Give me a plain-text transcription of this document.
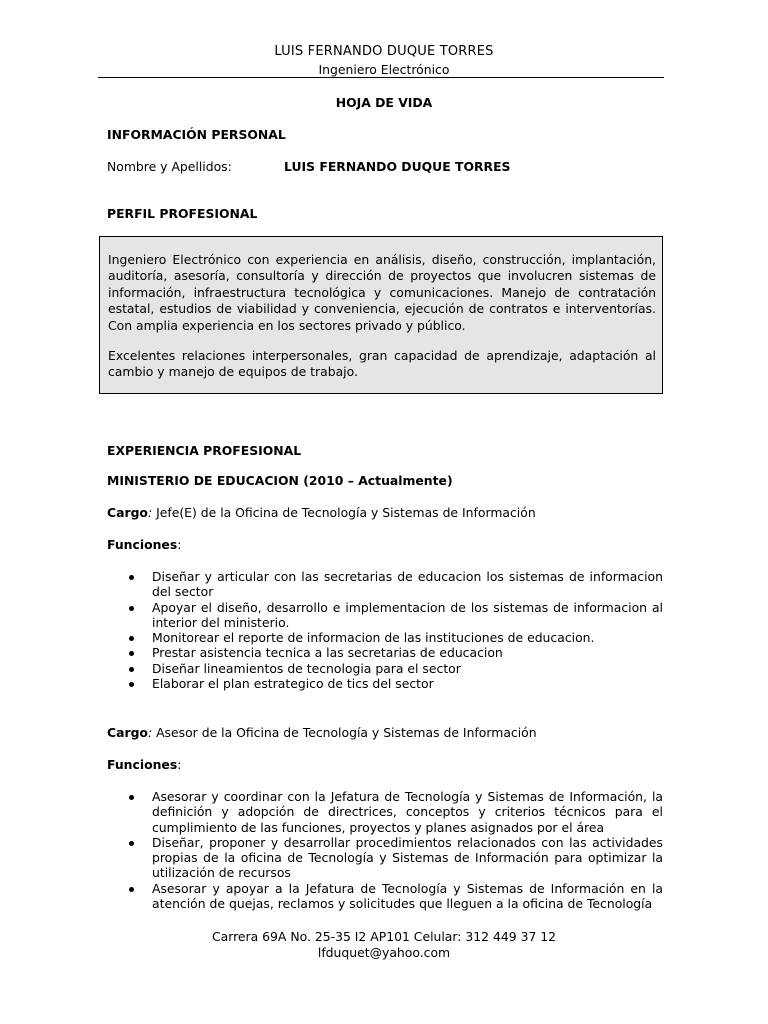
LUIS FERNANDO DUQUE TORRES
Ingeniero Electrónico
HOJA DE VIDA
INFORMACIÓN PERSONAL
Nombre y Apellidos:	LUIS FERNANDO DUQUE TORRES
PERFIL PROFESIONAL

Ingeniero Electrónico con experiencia en análisis, diseño, construcción, implantación, auditoría, asesoría, consultoría y dirección de proyectos que involucren sistemas de información, infraestructura tecnológica y comunicaciones. Manejo de contratación estatal, estudios de viabilidad y conveniencia, ejecución de contratos e interventorías. Con amplia experiencia en los sectores privado y público.

Excelentes relaciones interpersonales, gran capacidad de aprendizaje, adaptación al cambio y manejo de equipos de trabajo.

EXPERIENCIA PROFESIONAL
MINISTERIO DE EDUCACION (2010 – Actualmente)
Cargo: Jefe(E) de la Oficina de Tecnología y Sistemas de Información
Funciones:
Diseñar y articular con las secretarias de educacion los sistemas de informacion del sector
Apoyar el diseño, desarrollo e implementacion de los sistemas de informacion al interior del ministerio.
Monitorear el reporte de informacion de las instituciones de educacion.
Prestar asistencia tecnica a las secretarias de educacion
Diseñar lineamientos de tecnologia para el sector
Elaborar el plan estrategico de tics del sector
Cargo: Asesor de la Oficina de Tecnología y Sistemas de Información
Funciones:
Asesorar y coordinar con la Jefatura de Tecnología y Sistemas de Información, la definición y adopción de directrices, conceptos y criterios técnicos para el cumplimiento de las funciones, proyectos y planes asignados por el área
Diseñar, proponer y desarrollar procedimientos relacionados con las actividades propias de la oficina de Tecnología y Sistemas de Información para optimizar la utilización de recursos
Asesorar y apoyar a la Jefatura de Tecnología y Sistemas de Información en la atención de quejas, reclamos y solicitudes que lleguen a la oficina de Tecnología
Carrera 69A No. 25-35 I2 AP101 Celular: 312 449 37 12
lfduquet@yahoo.com
